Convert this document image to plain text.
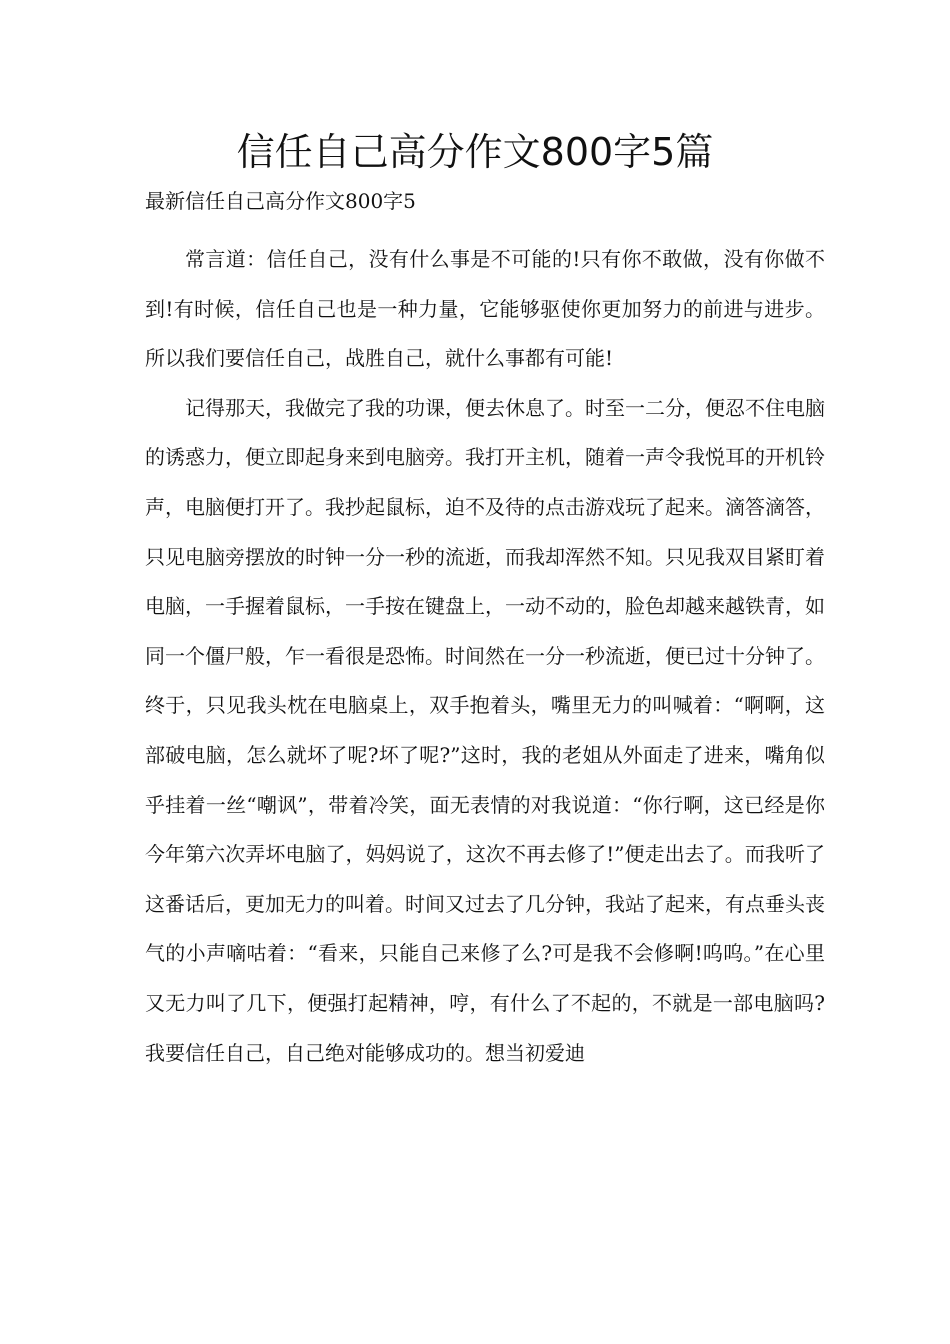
信任自己高分作文800字5篇
最新信任自己高分作文800字5

常言道：信任自己，没有什么事是不可能的!只有你不敢做，没有你做不到!有时候，信任自己也是一种力量，它能够驱使你更加努力的前进与进步。所以我们要信任自己，战胜自己，就什么事都有可能!

记得那天，我做完了我的功课，便去休息了。时至一二分，便忍不住电脑的诱惑力，便立即起身来到电脑旁。我打开主机，随着一声令我悦耳的开机铃声，电脑便打开了。我抄起鼠标，迫不及待的点击游戏玩了起来。滴答滴答，只见电脑旁摆放的时钟一分一秒的流逝，而我却浑然不知。只见我双目紧盯着电脑，一手握着鼠标，一手按在键盘上，一动不动的，脸色却越来越铁青，如同一个僵尸般，乍一看很是恐怖。时间然在一分一秒流逝，便已过十分钟了。终于，只见我头枕在电脑桌上，双手抱着头，嘴里无力的叫喊着：“啊啊，这部破电脑，怎么就坏了呢?坏了呢?”这时，我的老姐从外面走了进来，嘴角似乎挂着一丝“嘲讽”，带着冷笑，面无表情的对我说道：“你行啊，这已经是你今年第六次弄坏电脑了，妈妈说了，这次不再去修了!”便走出去了。而我听了这番话后，更加无力的叫着。时间又过去了几分钟，我站了起来，有点垂头丧气的小声嘀咕着：“看来，只能自己来修了么?可是我不会修啊!呜呜。”在心里又无力叫了几下，便强打起精神，哼，有什么了不起的，不就是一部电脑吗?我要信任自己，自己绝对能够成功的。想当初爱迪
